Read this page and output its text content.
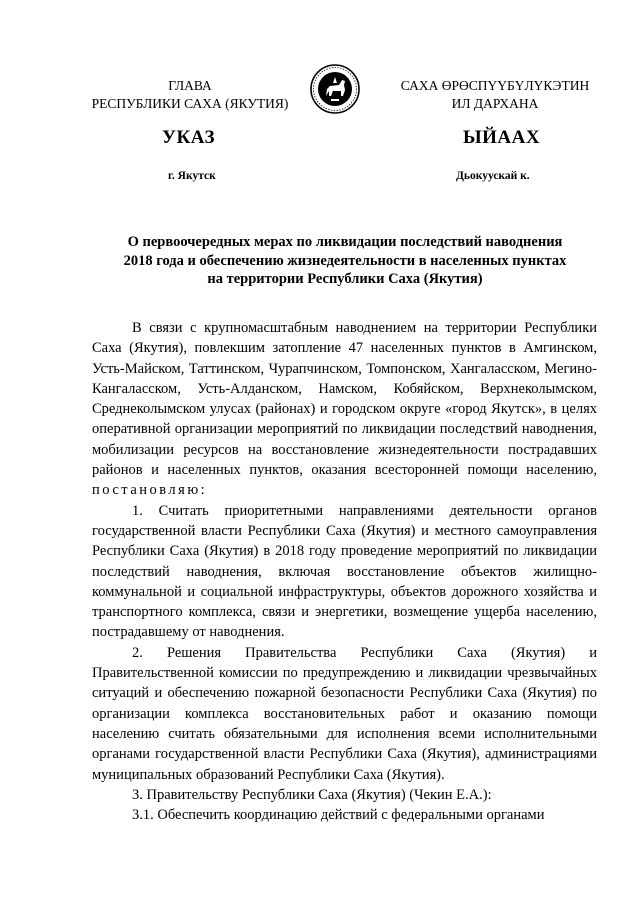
ГЛАВА
РЕСПУБЛИКИ САХА (ЯКУТИЯ)
САХА ӨРӨСПҮҮБҮЛҮКЭТИН
ИЛ ДАРХАНА
УКАЗ	ЫЙААХ
г. Якутск	Дьокуускай к.
О первоочередных мерах по ликвидации последствий наводнения
2018 года и обеспечению жизнедеятельности в населенных пунктах
на территории Республики Саха (Якутия)

В связи с крупномасштабным наводнением на территории Республики Саха (Якутия), повлекшим затопление 47 населенных пунктов в Амгинском, Усть-Майском, Таттинском, Чурапчинском, Томпонском, Хангаласском, Мегино-Кангаласском, Усть-Алданском, Намском, Кобяйском, Верхнеколымском, Среднеколымском улусах (районах) и городском округе «город Якутск», в целях оперативной организации мероприятий по ликвидации последствий наводнения, мобилизации ресурсов на восстановление жизнедеятельности пострадавших районов и населенных пунктов, оказания всесторонней помощи населению, постановляю:

1. Считать приоритетными направлениями деятельности органов государственной власти Республики Саха (Якутия) и местного самоуправления Республики Саха (Якутия) в 2018 году проведение мероприятий по ликвидации последствий наводнения, включая восстановление объектов жилищно-коммунальной и социальной инфраструктуры, объектов дорожного хозяйства и транспортного комплекса, связи и энергетики, возмещение ущерба населению, пострадавшему от наводнения.

2. Решения Правительства Республики Саха (Якутия) и Правительственной комиссии по предупреждению и ликвидации чрезвычайных ситуаций и обеспечению пожарной безопасности Республики Саха (Якутия) по организации комплекса восстановительных работ и оказанию помощи населению считать обязательными для исполнения всеми исполнительными органами государственной власти Республики Саха (Якутия), администрациями муниципальных образований Республики Саха (Якутия).

3. Правительству Республики Саха (Якутия) (Чекин Е.А.):

3.1. Обеспечить координацию действий с федеральными органами
